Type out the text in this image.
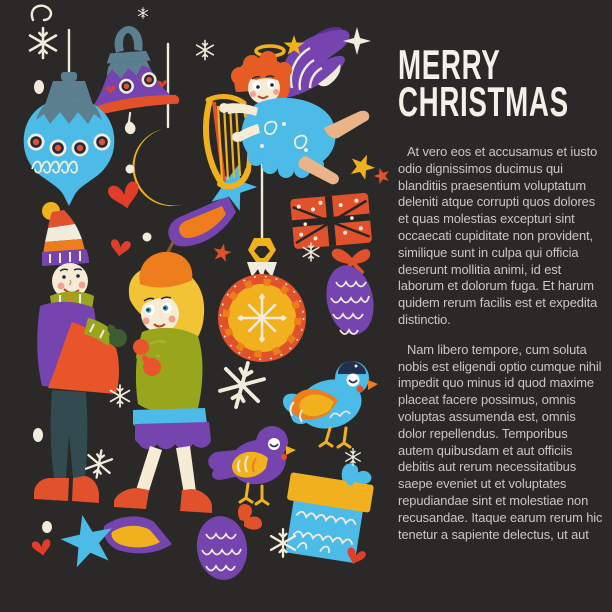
MERRY
CHRISTMAS

At vero eos et accusamus et iusto odio dignissimos ducimus qui blanditiis praesentium voluptatum deleniti atque corrupti quos dolores et quas molestias excepturi sint occaecati cupiditate non provident, similique sunt in culpa qui officia deserunt mollitia animi, id est laborum et dolorum fuga. Et harum quidem rerum facilis est et expedita distinctio.

Nam libero tempore, cum soluta nobis est eligendi optio cumque nihil impedit quo minus id quod maxime placeat facere possimus, omnis voluptas assumenda est, omnis dolor repellendus. Temporibus autem quibusdam et aut officiis debitis aut rerum necessitatibus saepe eveniet ut et voluptates repudiandae sint et molestiae non recusandae. Itaque earum rerum hic tenetur a sapiente delectus, ut aut
